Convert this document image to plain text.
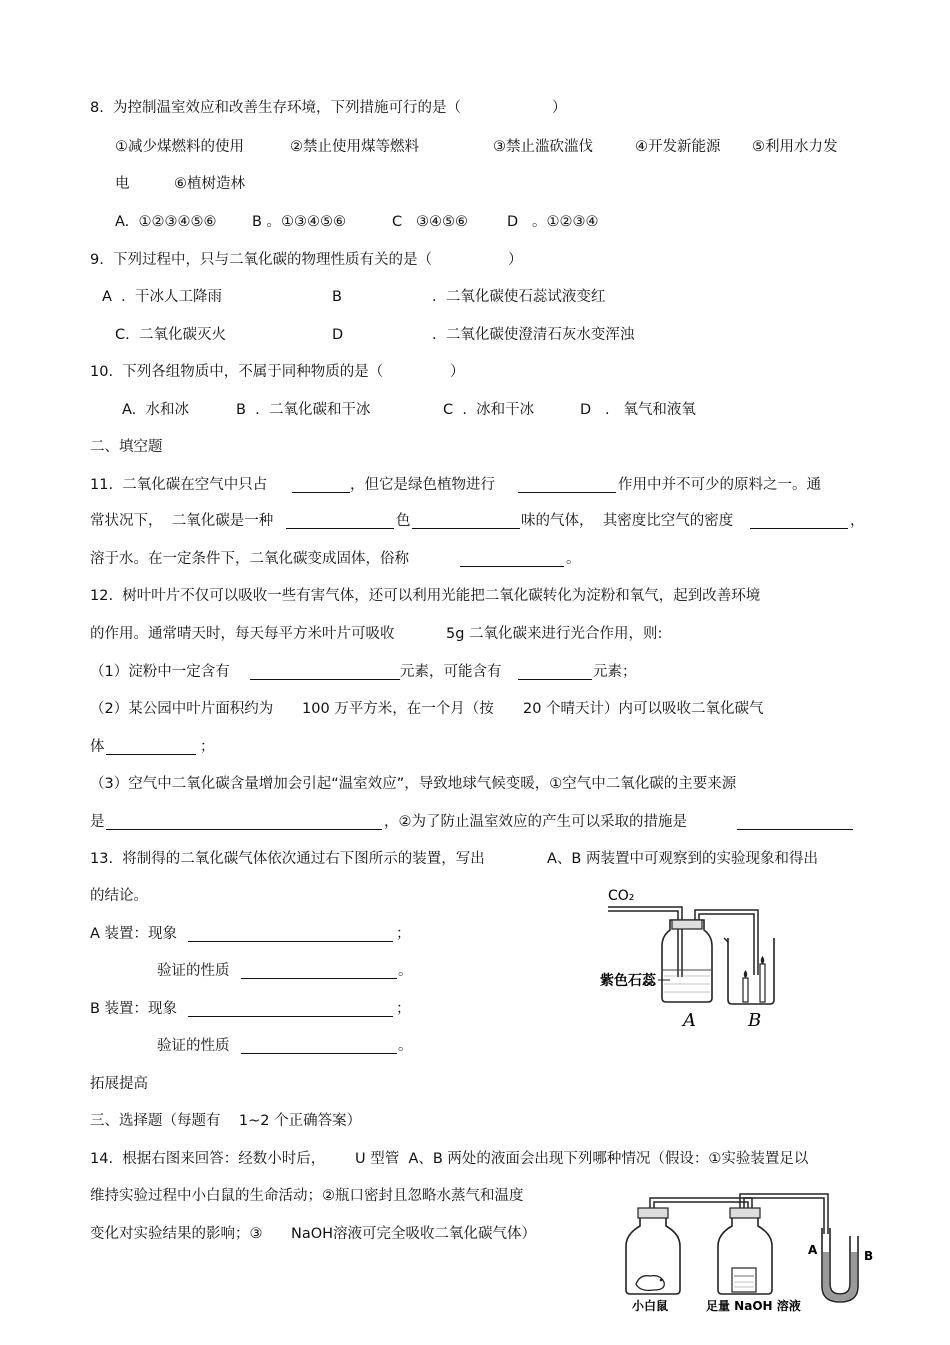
8.  为控制温室效应和改善生存环境，下列措施可行的是（	）
①减少煤燃料的使用	②禁止使用煤等燃料	③禁止滥砍滥伐	④开发新能源 ⑤利用水力发
电	⑥植树造林
A.  ①②③④⑤⑥ B 。①③④⑤⑥	C   ③④⑤⑥	D   。①②③④
9.  下列过程中，只与二氧化碳的物理性质有关的是（	）
A  .  干冰人工降雨	B	.  二氧化碳使石蕊试液变红
C.  二氧化碳灭火	D	.  二氧化碳使澄清石灰水变浑浊
10.  下列各组物质中，不属于同种物质的是（	）
A.  水和冰	B  .  二氧化碳和干冰	C  .  冰和干冰	D   .   氧气和液氧
二、填空题
11.  二氧化碳在空气中只占	，但它是绿色植物进行	作用中并不可少的原料之一。通
常状况下，  二氧化碳是一种	色	味的气体，  其密度比空气的密度	，
溶于水。在一定条件下，二氧化碳变成固体，俗称	。
12.  树叶叶片不仅可以吸收一些有害气体，还可以利用光能把二氧化碳转化为淀粉和氧气，起到改善环境
的作用。通常晴天时，每天每平方米叶片可吸收	5g 二氧化碳来进行光合作用，则:
（1）淀粉中一定含有	元素，可能含有	元素；
（2）某公园中叶片面积约为 100 万平方米，在一个月（按 20 个晴天计）内可以吸收二氧化碳气
体	；
（3）空气中二氧化碳含量增加会引起“温室效应”，导致地球气候变暖，①空气中二氧化碳的主要来源
是	，②为了防止温室效应的产生可以采取的措施是
13.  将制得的二氧化碳气体依次通过右下图所示的装置，写出	A、B 两装置中可观察到的实验现象和得出
的结论。
A 装置：现象	；
验证的性质	。
B 装置：现象	；
验证的性质	。
CO₂
紫色石蕊
A	B
拓展提高
三、选择题（每题有    1~2 个正确答案）
14.  根据右图来回答：经数小时后， U 型管  A、B 两处的液面会出现下列哪种情况（假设：①实验装置足以
维持实验过程中小白鼠的生命活动；②瓶口密封且忽略水蒸气和温度
变化对实验结果的影响；③ NaOH溶液可完全吸收二氧化碳气体）
A	B
小白鼠	足量 NaOH 溶液
